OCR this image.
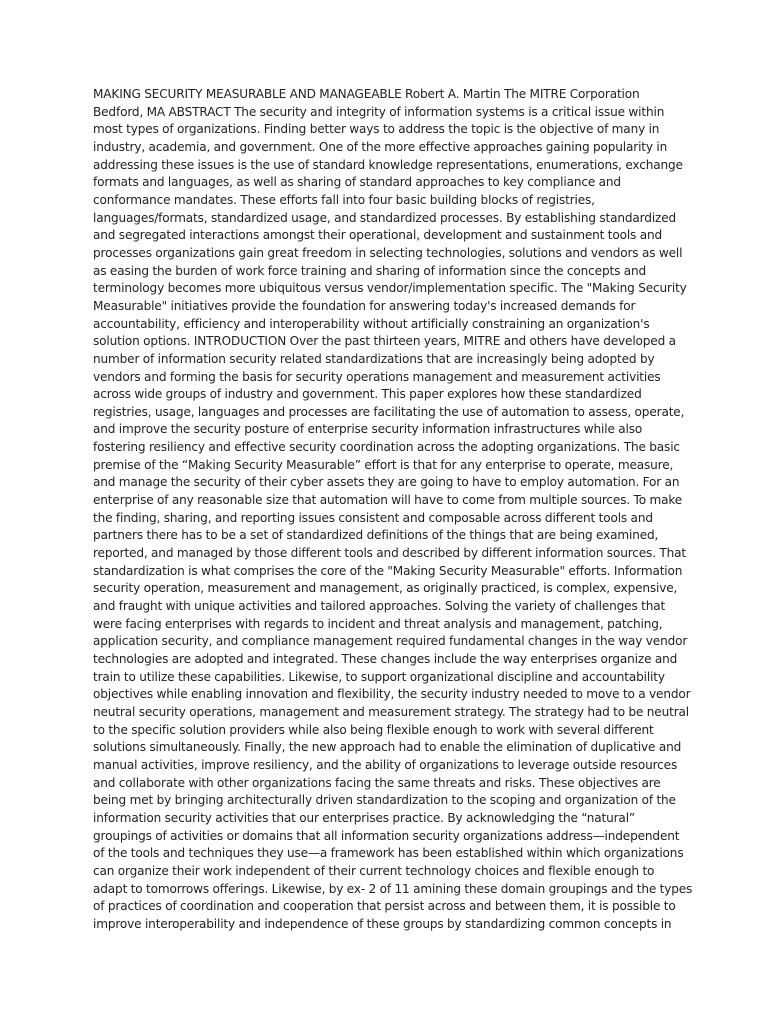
MAKING SECURITY MEASURABLE AND MANAGEABLE Robert A. Martin The MITRE Corporation
Bedford, MA ABSTRACT The security and integrity of information systems is a critical issue within
most types of organizations. Finding better ways to address the topic is the objective of many in
industry, academia, and government. One of the more effective approaches gaining popularity in
addressing these issues is the use of standard knowledge representations, enumerations, exchange
formats and languages, as well as sharing of standard approaches to key compliance and
conformance mandates. These efforts fall into four basic building blocks of registries,
languages/formats, standardized usage, and standardized processes. By establishing standardized
and segregated interactions amongst their operational, development and sustainment tools and
processes organizations gain great freedom in selecting technologies, solutions and vendors as well
as easing the burden of work force training and sharing of information since the concepts and
terminology becomes more ubiquitous versus vendor/implementation specific. The "Making Security
Measurable" initiatives provide the foundation for answering today's increased demands for
accountability, efficiency and interoperability without artificially constraining an organization's
solution options. INTRODUCTION Over the past thirteen years, MITRE and others have developed a
number of information security related standardizations that are increasingly being adopted by
vendors and forming the basis for security operations management and measurement activities
across wide groups of industry and government. This paper explores how these standardized
registries, usage, languages and processes are facilitating the use of automation to assess, operate,
and improve the security posture of enterprise security information infrastructures while also
fostering resiliency and effective security coordination across the adopting organizations. The basic
premise of the “Making Security Measurable” effort is that for any enterprise to operate, measure,
and manage the security of their cyber assets they are going to have to employ automation. For an
enterprise of any reasonable size that automation will have to come from multiple sources. To make
the finding, sharing, and reporting issues consistent and composable across different tools and
partners there has to be a set of standardized definitions of the things that are being examined,
reported, and managed by those different tools and described by different information sources. That
standardization is what comprises the core of the "Making Security Measurable" efforts. Information
security operation, measurement and management, as originally practiced, is complex, expensive,
and fraught with unique activities and tailored approaches. Solving the variety of challenges that
were facing enterprises with regards to incident and threat analysis and management, patching,
application security, and compliance management required fundamental changes in the way vendor
technologies are adopted and integrated. These changes include the way enterprises organize and
train to utilize these capabilities. Likewise, to support organizational discipline and accountability
objectives while enabling innovation and flexibility, the security industry needed to move to a vendor
neutral security operations, management and measurement strategy. The strategy had to be neutral
to the specific solution providers while also being flexible enough to work with several different
solutions simultaneously. Finally, the new approach had to enable the elimination of duplicative and
manual activities, improve resiliency, and the ability of organizations to leverage outside resources
and collaborate with other organizations facing the same threats and risks. These objectives are
being met by bringing architecturally driven standardization to the scoping and organization of the
information security activities that our enterprises practice. By acknowledging the “natural”
groupings of activities or domains that all information security organizations address—independent
of the tools and techniques they use—a framework has been established within which organizations
can organize their work independent of their current technology choices and flexible enough to
adapt to tomorrows offerings. Likewise, by ex- 2 of 11 amining these domain groupings and the types
of practices of coordination and cooperation that persist across and between them, it is possible to
improve interoperability and independence of these groups by standardizing common concepts in
